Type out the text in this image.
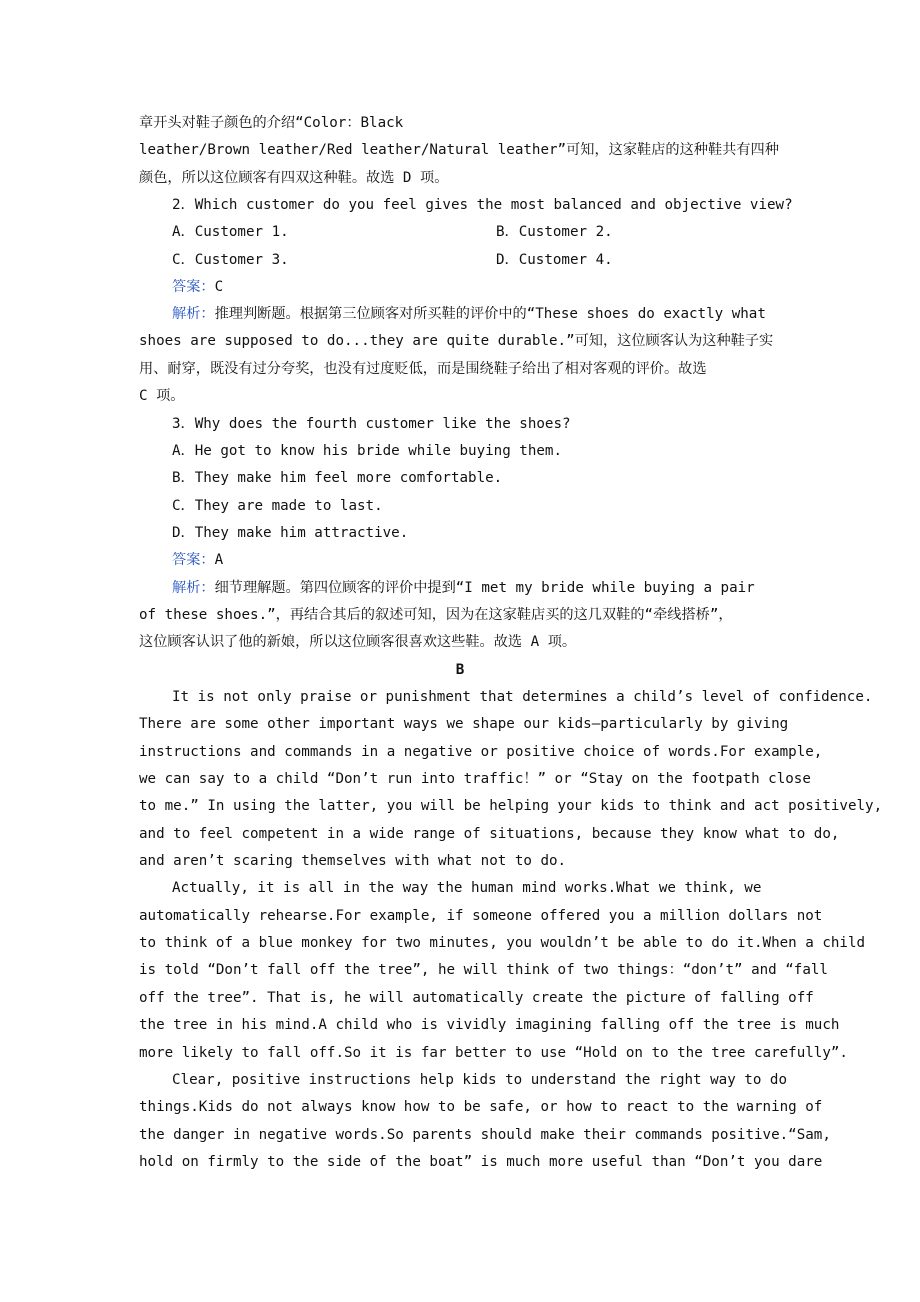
章开头对鞋子颜色的介绍“Color：Black
leather/Brown leather/Red leather/Natural leather”可知，这家鞋店的这种鞋共有四种
颜色，所以这位顾客有四双这种鞋。故选 D 项。
2．Which customer do you feel gives the most balanced and objective view?
A．Customer 1.	B．Customer 2.
C．Customer 3.	D．Customer 4.
答案：C
解析：推理判断题。根据第三位顾客对所买鞋的评价中的“These shoes do exactly what
shoes are supposed to do...they are quite durable.”可知，这位顾客认为这种鞋子实
用、耐穿，既没有过分夸奖，也没有过度贬低，而是围绕鞋子给出了相对客观的评价。故选
C 项。
3．Why does the fourth customer like the shoes?
A．He got to know his bride while buying them.
B．They make him feel more comfortable.
C．They are made to last.
D．They make him attractive.
答案：A
解析：细节理解题。第四位顾客的评价中提到“I met my bride while buying a pair
of these shoes.”，再结合其后的叙述可知，因为在这家鞋店买的这几双鞋的“牵线搭桥”，
这位顾客认识了他的新娘，所以这位顾客很喜欢这些鞋。故选 A 项。
B
It is not only praise or punishment that determines a child’s level of confidence.
There are some other important ways we shape our kids—particularly by giving
instructions and commands in a negative or positive choice of words.For example,
we can say to a child “Don’t run into traffic！” or “Stay on the footpath close
to me.” In using the latter, you will be helping your kids to think and act positively,
and to feel competent in a wide range of situations, because they know what to do,
and aren’t scaring themselves with what not to do.
Actually, it is all in the way the human mind works.What we think, we
automatically rehearse.For example, if someone offered you a million dollars not
to think of a blue monkey for two minutes, you wouldn’t be able to do it.When a child
is told “Don’t fall off the tree”, he will think of two things：“don’t” and “fall
off the tree”. That is, he will automatically create the picture of falling off
the tree in his mind.A child who is vividly imagining falling off the tree is much
more likely to fall off.So it is far better to use “Hold on to the tree carefully”.
Clear, positive instructions help kids to understand the right way to do
things.Kids do not always know how to be safe, or how to react to the warning of
the danger in negative words.So parents should make their commands positive.“Sam,
hold on firmly to the side of the boat” is much more useful than “Don’t you dare
